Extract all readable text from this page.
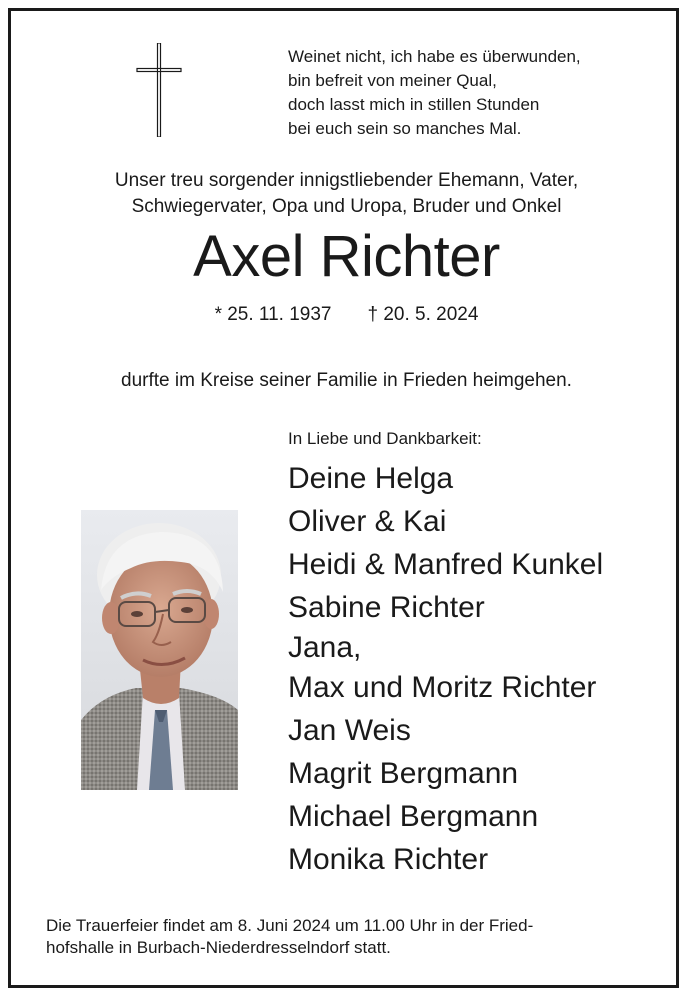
Weinet nicht, ich habe es überwunden,
bin befreit von meiner Qual,
doch lasst mich in stillen Stunden
bei euch sein so manches Mal.
Unser treu sorgender innigstliebender Ehemann, Vater,
Schwiegervater, Opa und Uropa, Bruder und Onkel
Axel Richter
* 25. 11. 1937 † 20. 5. 2024
durfte im Kreise seiner Familie in Frieden heimgehen.
In Liebe und Dankbarkeit:
Deine Helga
Oliver & Kai
Heidi & Manfred Kunkel
Sabine Richter
Jana,
Max und Moritz Richter
Jan Weis
Magrit Bergmann
Michael Bergmann
Monika Richter
Die Trauerfeier findet am 8. Juni 2024 um 11.00 Uhr in der Fried-
hofshalle in Burbach-Niederdresselndorf statt.
